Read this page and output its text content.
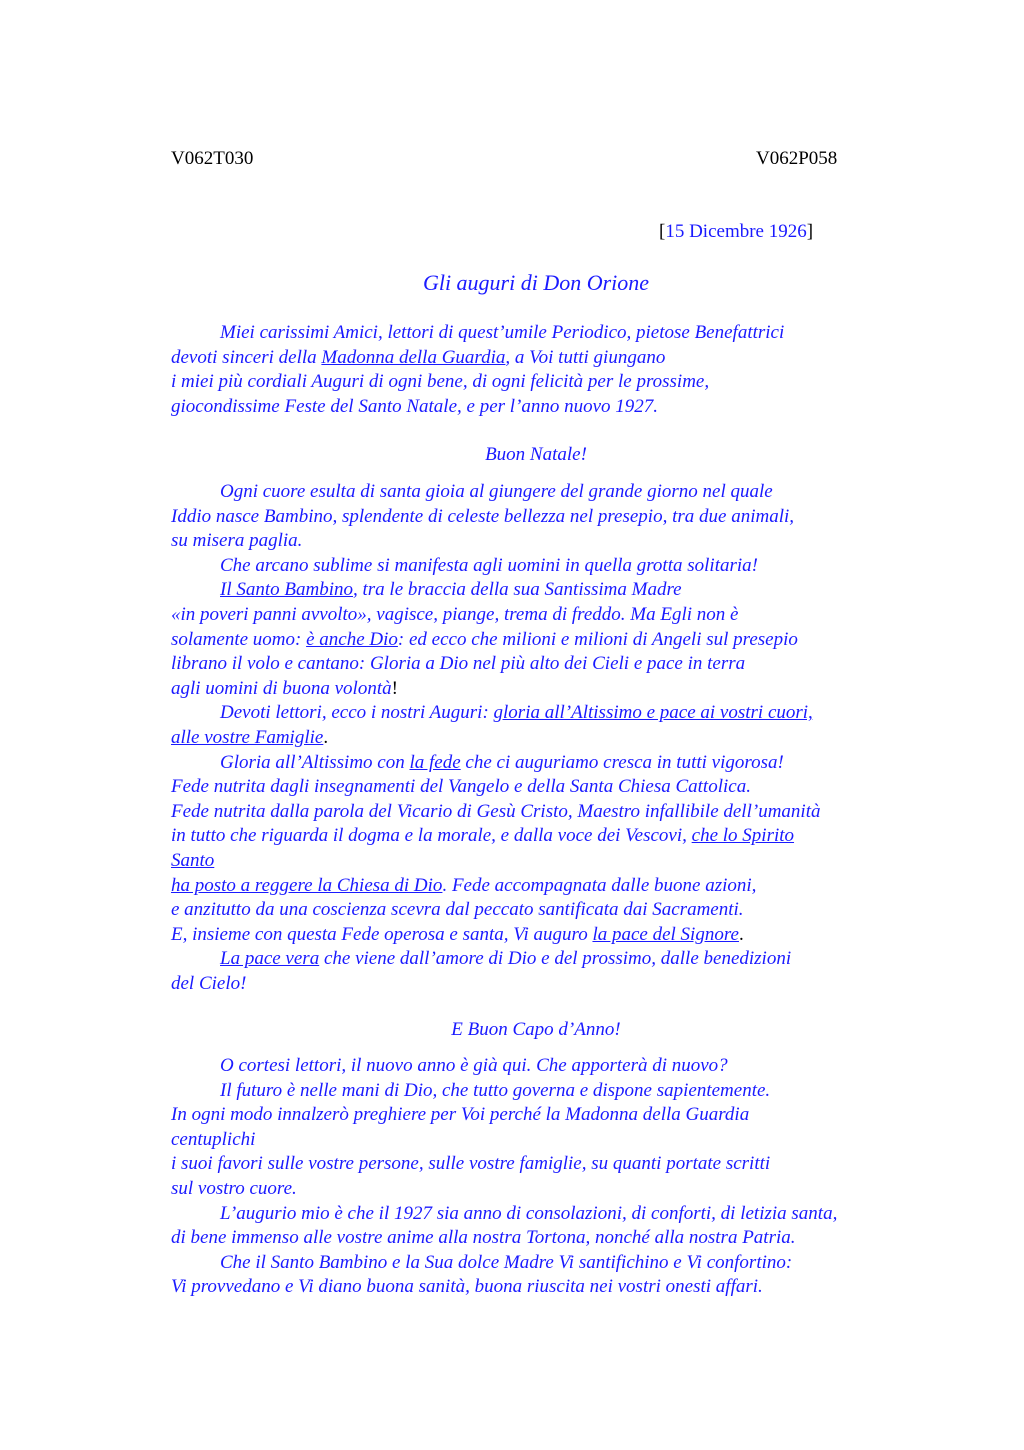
V062T030	V062P058
[15 Dicembre 1926]
Gli auguri di Don Orione
Miei carissimi Amici, lettori di quest’umile Periodico, pietose Benefattrici
devoti sinceri della Madonna della Guardia, a Voi tutti giungano
i miei più cordiali Auguri di ogni bene, di ogni felicità per le prossime,
giocondissime Feste del Santo Natale, e per l’anno nuovo 1927.
Buon Natale!
Ogni cuore esulta di santa gioia al giungere del grande giorno nel quale
Iddio nasce Bambino, splendente di celeste bellezza nel presepio, tra due animali,
su misera paglia.
Che arcano sublime si manifesta agli uomini in quella grotta solitaria!
Il Santo Bambino, tra le braccia della sua Santissima Madre
«in poveri panni avvolto», vagisce, piange, trema di freddo. Ma Egli non è
solamente uomo: è anche Dio: ed ecco che milioni e milioni di Angeli sul presepio
librano il volo e cantano: Gloria a Dio nel più alto dei Cieli e pace in terra
agli uomini di buona volontà!
Devoti lettori, ecco i nostri Auguri: gloria all’Altissimo e pace ai vostri cuori,
alle vostre Famiglie.
Gloria all’Altissimo con la fede che ci auguriamo cresca in tutti vigorosa!
Fede nutrita dagli insegnamenti del Vangelo e della Santa Chiesa Cattolica.
Fede nutrita dalla parola del Vicario di Gesù Cristo, Maestro infallibile dell’umanità
in tutto che riguarda il dogma e la morale, e dalla voce dei Vescovi, che lo Spirito
Santo
ha posto a reggere la Chiesa di Dio. Fede accompagnata dalle buone azioni,
e anzitutto da una coscienza scevra dal peccato santificata dai Sacramenti.
E, insieme con questa Fede operosa e santa, Vi auguro la pace del Signore.
La pace vera che viene dall’amore di Dio e del prossimo, dalle benedizioni
del Cielo!
E Buon Capo d’Anno!
O cortesi lettori, il nuovo anno è già qui. Che apporterà di nuovo?
Il futuro è nelle mani di Dio, che tutto governa e dispone sapientemente.
In ogni modo innalzerò preghiere per Voi perché la Madonna della Guardia
centuplichi
i suoi favori sulle vostre persone, sulle vostre famiglie, su quanti portate scritti
sul vostro cuore.
L’augurio mio è che il 1927 sia anno di consolazioni, di conforti, di letizia santa,
di bene immenso alle vostre anime alla nostra Tortona, nonché alla nostra Patria.
Che il Santo Bambino e la Sua dolce Madre Vi santifichino e Vi confortino:
Vi provvedano e Vi diano buona sanità, buona riuscita nei vostri onesti affari.
